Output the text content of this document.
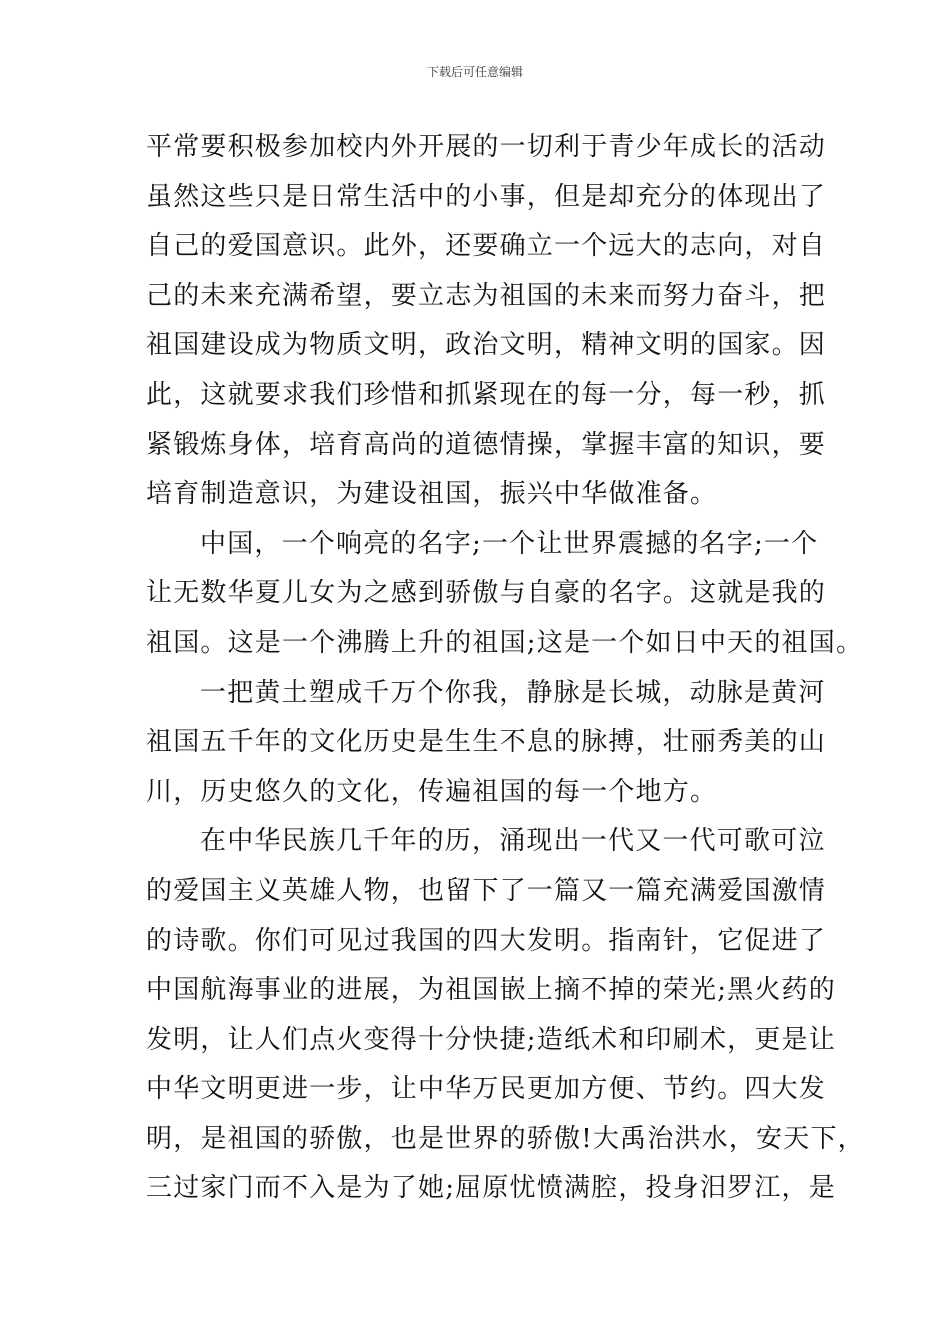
下载后可任意编辑
平常要积极参加校内外开展的一切利于青少年成长的活动
虽然这些只是日常生活中的小事，但是却充分的体现出了
自己的爱国意识。此外，还要确立一个远大的志向，对自
己的未来充满希望，要立志为祖国的未来而努力奋斗，把
祖国建设成为物质文明，政治文明，精神文明的国家。因
此，这就要求我们珍惜和抓紧现在的每一分，每一秒，抓
紧锻炼身体，培育高尚的道德情操，掌握丰富的知识，要
培育制造意识，为建设祖国，振兴中华做准备。
中国，一个响亮的名字;一个让世界震撼的名字;一个
让无数华夏儿女为之感到骄傲与自豪的名字。这就是我的
祖国。这是一个沸腾上升的祖国;这是一个如日中天的祖国。
一把黄土塑成千万个你我，静脉是长城，动脉是黄河
祖国五千年的文化历史是生生不息的脉搏，壮丽秀美的山
川，历史悠久的文化，传遍祖国的每一个地方。
在中华民族几千年的历，涌现出一代又一代可歌可泣
的爱国主义英雄人物，也留下了一篇又一篇充满爱国激情
的诗歌。你们可见过我国的四大发明。指南针，它促进了
中国航海事业的进展，为祖国嵌上摘不掉的荣光;黑火药的
发明，让人们点火变得十分快捷;造纸术和印刷术，更是让
中华文明更进一步，让中华万民更加方便、节约。四大发
明，是祖国的骄傲，也是世界的骄傲!大禹治洪水，安天下，
三过家门而不入是为了她;屈原忧愤满腔，投身汨罗江，是
